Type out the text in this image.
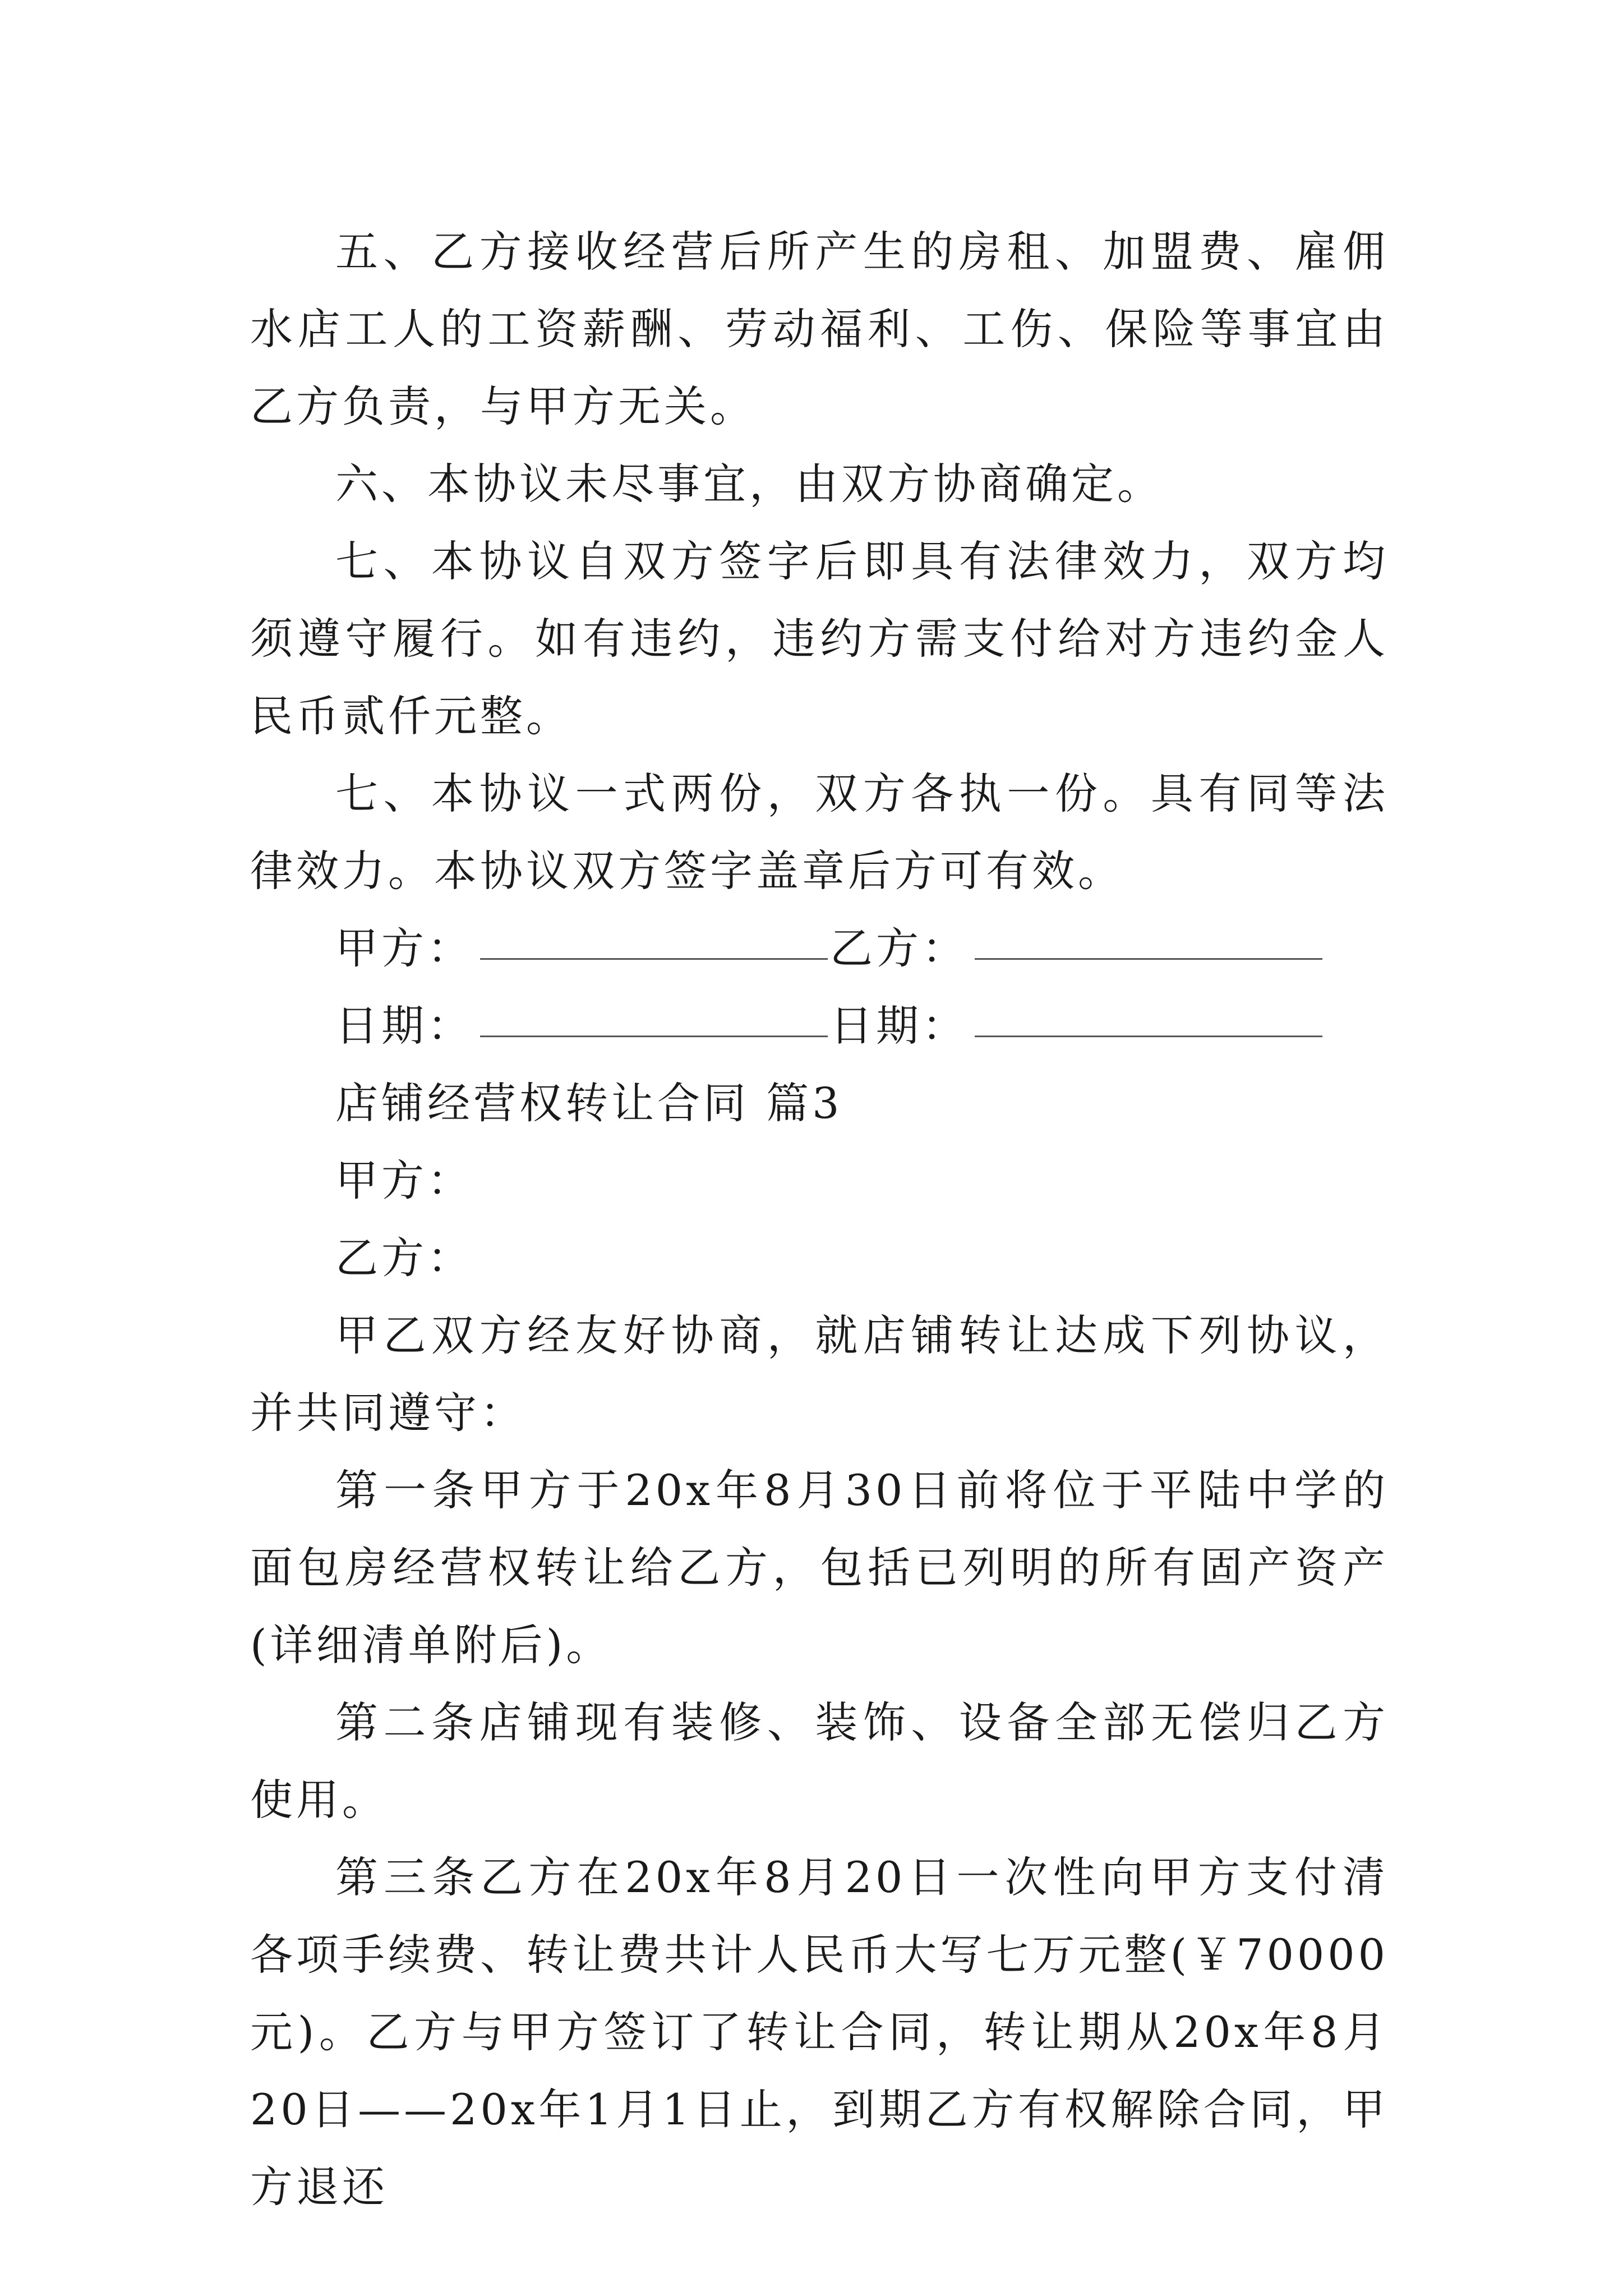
五、乙方接收经营后所产生的房租、加盟费、雇佣水店工人的工资薪酬、劳动福利、工伤、保险等事宜由乙方负责，与甲方无关。

六、本协议未尽事宜，由双方协商确定。

七、本协议自双方签字后即具有法律效力，双方均须遵守履行。如有违约，违约方需支付给对方违约金人民币贰仟元整。

七、本协议一式两份，双方各执一份。具有同等法律效力。本协议双方签字盖章后方可有效。

甲方：	乙方：
日期：	日期：

店铺经营权转让合同 篇3

甲方：

乙方：

甲乙双方经友好协商，就店铺转让达成下列协议，并共同遵守：

第一条甲方于20x年8月30日前将位于平陆中学的面包房经营权转让给乙方，包括已列明的所有固产资产(详细清单附后)。

第二条店铺现有装修、装饰、设备全部无偿归乙方使用。

第三条乙方在20x年8月20日一次性向甲方支付清各项手续费、转让费共计人民币大写七万元整(￥70000元)。乙方与甲方签订了转让合同，转让期从20x年8月20日——20x年1月1日止，到期乙方有权解除合同，甲方退还
